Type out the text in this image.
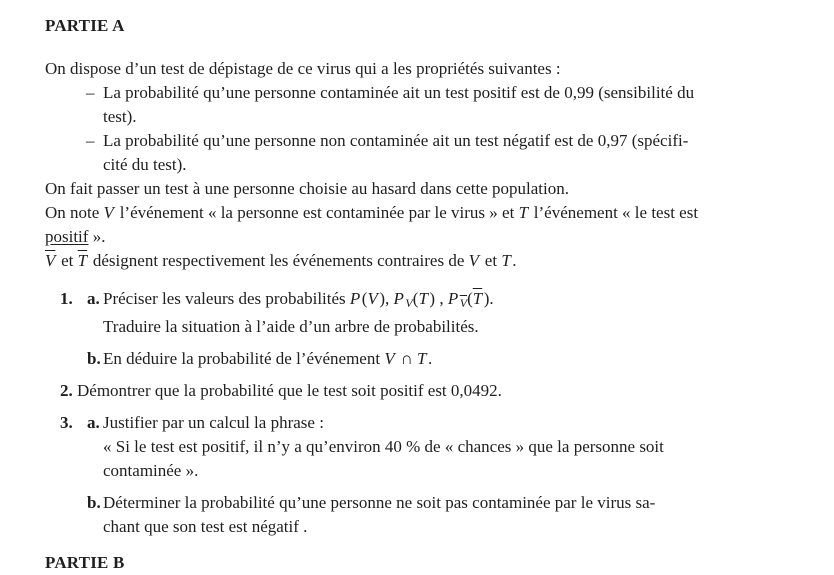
PARTIE A
On dispose d’un test de dépistage de ce virus qui a les propriétés suivantes :
– La probabilité qu’une personne contaminée ait un test positif est de 0,99 (sensibilité du
test).
– La probabilité qu’une personne non contaminée ait un test négatif est de 0,97 (spécifi-
cité du test).
On fait passer un test à une personne choisie au hasard dans cette population.
On note V l’événement « la personne est contaminée par le virus » et T l’événement « le test est
positif ».
$\overline{V}$ et $\overline{T}$ désignent respectivement les événements contraires de V et T.
1. a. Préciser les valeurs des probabilités P(V), P V(T) , P $\overline{V}(\overline{T})$.
Traduire la situation à l’aide d’un arbre de probabilités.
b. En déduire la probabilité de l’événement V ∩ T.
2. Démontrer que la probabilité que le test soit positif est 0,0492.
3. a. Justifier par un calcul la phrase :
« Si le test est positif, il n’y a qu’environ 40 % de « chances » que la personne soit
contaminée ».
b. Déterminer la probabilité qu’une personne ne soit pas contaminée par le virus sa-
chant que son test est négatif .
PARTIE B
